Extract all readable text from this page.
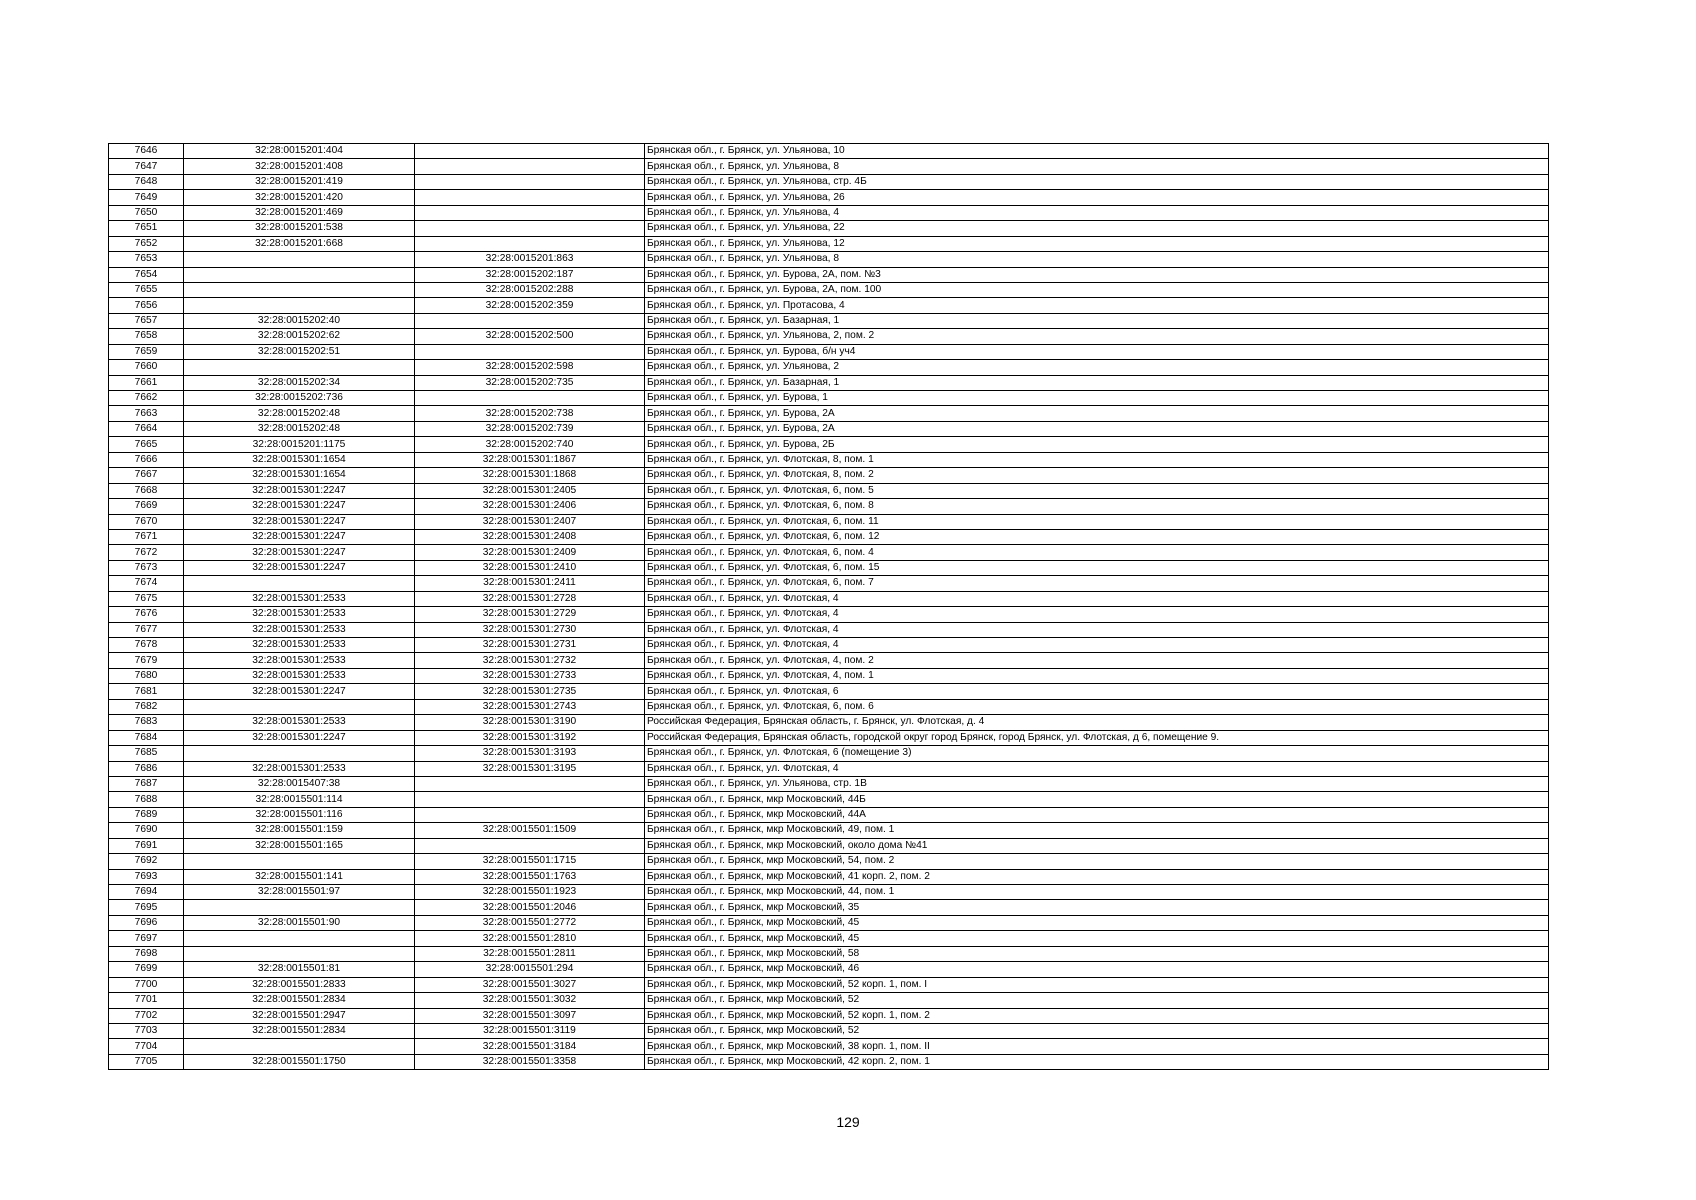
7646	32:28:0015201:404		Брянская обл., г. Брянск, ул. Ульянова, 10
7647	32:28:0015201:408		Брянская обл., г. Брянск, ул. Ульянова, 8
7648	32:28:0015201:419		Брянская обл., г. Брянск, ул. Ульянова, стр. 4Б
7649	32:28:0015201:420		Брянская обл., г. Брянск, ул. Ульянова, 26
7650	32:28:0015201:469		Брянская обл., г. Брянск, ул. Ульянова, 4
7651	32:28:0015201:538		Брянская обл., г. Брянск, ул. Ульянова, 22
7652	32:28:0015201:668		Брянская обл., г. Брянск, ул. Ульянова, 12
7653		32:28:0015201:863	Брянская обл., г. Брянск, ул. Ульянова, 8
7654		32:28:0015202:187	Брянская обл., г. Брянск, ул. Бурова, 2А, пом. №3
7655		32:28:0015202:288	Брянская обл., г. Брянск, ул. Бурова, 2А, пом. 100
7656		32:28:0015202:359	Брянская обл., г. Брянск, ул. Протасова, 4
7657	32:28:0015202:40		Брянская обл., г. Брянск, ул. Базарная, 1
7658	32:28:0015202:62	32:28:0015202:500	Брянская обл., г. Брянск, ул. Ульянова, 2, пом. 2
7659	32:28:0015202:51		Брянская обл., г. Брянск, ул. Бурова, б/н уч4
7660		32:28:0015202:598	Брянская обл., г. Брянск, ул. Ульянова, 2
7661	32:28:0015202:34	32:28:0015202:735	Брянская обл., г. Брянск, ул. Базарная, 1
7662	32:28:0015202:736		Брянская обл., г. Брянск, ул. Бурова, 1
7663	32:28:0015202:48	32:28:0015202:738	Брянская обл., г. Брянск, ул. Бурова, 2А
7664	32:28:0015202:48	32:28:0015202:739	Брянская обл., г. Брянск, ул. Бурова, 2А
7665	32:28:0015201:1175	32:28:0015202:740	Брянская обл., г. Брянск, ул. Бурова, 2Б
7666	32:28:0015301:1654	32:28:0015301:1867	Брянская обл., г. Брянск, ул. Флотская, 8, пом. 1
7667	32:28:0015301:1654	32:28:0015301:1868	Брянская обл., г. Брянск, ул. Флотская, 8, пом. 2
7668	32:28:0015301:2247	32:28:0015301:2405	Брянская обл., г. Брянск, ул. Флотская, 6, пом. 5
7669	32:28:0015301:2247	32:28:0015301:2406	Брянская обл., г. Брянск, ул. Флотская, 6, пом. 8
7670	32:28:0015301:2247	32:28:0015301:2407	Брянская обл., г. Брянск, ул. Флотская, 6, пом. 11
7671	32:28:0015301:2247	32:28:0015301:2408	Брянская обл., г. Брянск, ул. Флотская, 6, пом. 12
7672	32:28:0015301:2247	32:28:0015301:2409	Брянская обл., г. Брянск, ул. Флотская, 6, пом. 4
7673	32:28:0015301:2247	32:28:0015301:2410	Брянская обл., г. Брянск, ул. Флотская, 6, пом. 15
7674		32:28:0015301:2411	Брянская обл., г. Брянск, ул. Флотская, 6, пом. 7
7675	32:28:0015301:2533	32:28:0015301:2728	Брянская обл., г. Брянск, ул. Флотская, 4
7676	32:28:0015301:2533	32:28:0015301:2729	Брянская обл., г. Брянск, ул. Флотская, 4
7677	32:28:0015301:2533	32:28:0015301:2730	Брянская обл., г. Брянск, ул. Флотская, 4
7678	32:28:0015301:2533	32:28:0015301:2731	Брянская обл., г. Брянск, ул. Флотская, 4
7679	32:28:0015301:2533	32:28:0015301:2732	Брянская обл., г. Брянск, ул. Флотская, 4, пом. 2
7680	32:28:0015301:2533	32:28:0015301:2733	Брянская обл., г. Брянск, ул. Флотская, 4, пом. 1
7681	32:28:0015301:2247	32:28:0015301:2735	Брянская обл., г. Брянск, ул. Флотская, 6
7682		32:28:0015301:2743	Брянская обл., г. Брянск, ул. Флотская, 6, пом. 6
7683	32:28:0015301:2533	32:28:0015301:3190	Российская Федерация, Брянская область, г. Брянск, ул. Флотская, д. 4
7684	32:28:0015301:2247	32:28:0015301:3192	Российская Федерация, Брянская область, городской округ город Брянск, город Брянск, ул. Флотская, д 6, помещение 9.
7685		32:28:0015301:3193	Брянская обл., г. Брянск, ул. Флотская, 6 (помещение 3)
7686	32:28:0015301:2533	32:28:0015301:3195	Брянская обл., г. Брянск, ул. Флотская, 4
7687	32:28:0015407:38		Брянская обл., г. Брянск, ул. Ульянова, стр. 1В
7688	32:28:0015501:114		Брянская обл., г. Брянск, мкр Московский, 44Б
7689	32:28:0015501:116		Брянская обл., г. Брянск, мкр Московский, 44А
7690	32:28:0015501:159	32:28:0015501:1509	Брянская обл., г. Брянск, мкр Московский, 49, пом. 1
7691	32:28:0015501:165		Брянская обл., г. Брянск, мкр Московский, около дома №41
7692		32:28:0015501:1715	Брянская обл., г. Брянск, мкр Московский, 54, пом. 2
7693	32:28:0015501:141	32:28:0015501:1763	Брянская обл., г. Брянск, мкр Московский, 41 корп. 2, пом. 2
7694	32:28:0015501:97	32:28:0015501:1923	Брянская обл., г. Брянск, мкр Московский, 44, пом. 1
7695		32:28:0015501:2046	Брянская обл., г. Брянск, мкр Московский, 35
7696	32:28:0015501:90	32:28:0015501:2772	Брянская обл., г. Брянск, мкр Московский, 45
7697		32:28:0015501:2810	Брянская обл., г. Брянск, мкр Московский, 45
7698		32:28:0015501:2811	Брянская обл., г. Брянск, мкр Московский, 58
7699	32:28:0015501:81	32:28:0015501:294	Брянская обл., г. Брянск, мкр Московский, 46
7700	32:28:0015501:2833	32:28:0015501:3027	Брянская обл., г. Брянск, мкр Московский, 52 корп. 1, пом. I
7701	32:28:0015501:2834	32:28:0015501:3032	Брянская обл., г. Брянск, мкр Московский, 52
7702	32:28:0015501:2947	32:28:0015501:3097	Брянская обл., г. Брянск, мкр Московский, 52 корп. 1, пом. 2
7703	32:28:0015501:2834	32:28:0015501:3119	Брянская обл., г. Брянск, мкр Московский, 52
7704		32:28:0015501:3184	Брянская обл., г. Брянск, мкр Московский, 38 корп. 1, пом. II
7705	32:28:0015501:1750	32:28:0015501:3358	Брянская обл., г. Брянск, мкр Московский, 42 корп. 2, пом. 1
129
